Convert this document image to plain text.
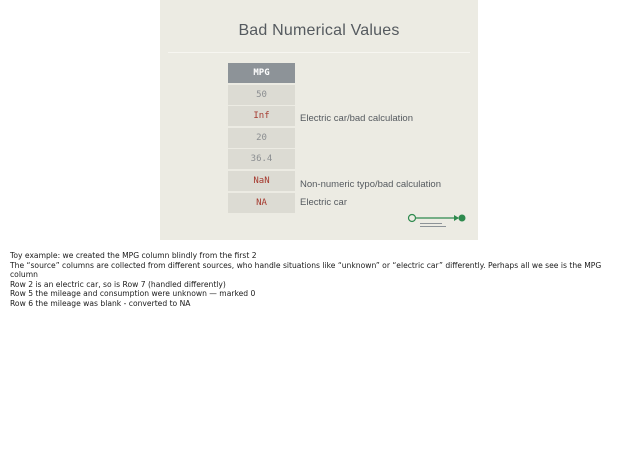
Bad Numerical Values
MPG
50
Inf
20
36.4
NaN
NA
Electric car/bad calculation
Non-numeric typo/bad calculation
Electric car

Toy example: we created the MPG column blindly from the first 2

The “source” columns are collected from different sources, who handle situations like “unknown” or “electric car” differently. Perhaps all we see is the MPG column

Row 2 is an electric car, so is Row 7 (handled differently)

Row 5 the mileage and consumption were unknown — marked 0

Row 6 the mileage was blank - converted to NA
